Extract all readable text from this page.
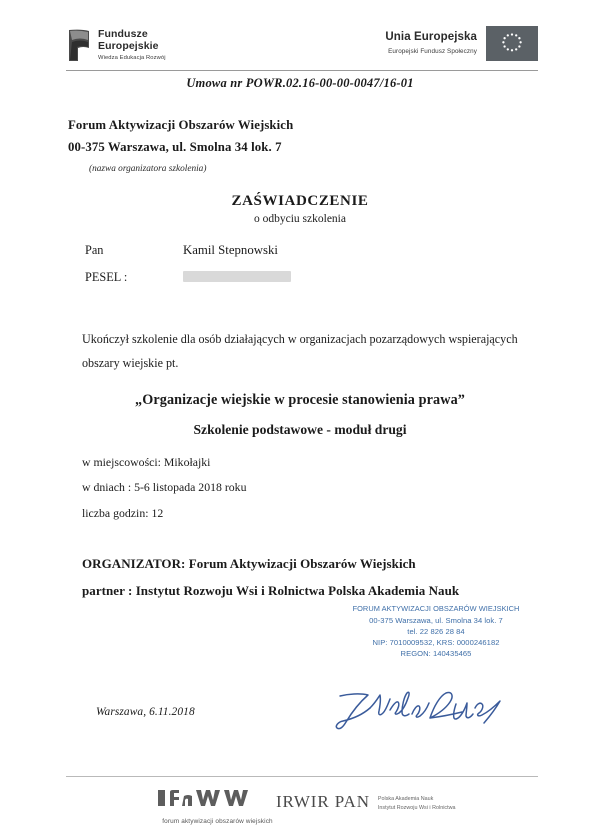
Fundusze
Europejskie
Wiedza Edukacja Rozwój
Unia Europejska
Europejski Fundusz Społeczny
Umowa nr POWR.02.16-00-00-0047/16-01
Forum Aktywizacji Obszarów Wiejskich
00-375 Warszawa, ul. Smolna 34 lok. 7
(nazwa organizatora szkolenia)
ZAŚWIADCZENIE
o odbyciu szkolenia
Pan	Kamil Stepnowski
PESEL :
Ukończył szkolenie dla osób działających w organizacjach pozarządowych wspierających obszary wiejskie pt.
„Organizacje wiejskie w procesie stanowienia prawa”
Szkolenie podstawowe - moduł drugi
w miejscowości: Mikołajki
w dniach : 5-6 listopada 2018 roku
liczba godzin: 12
ORGANIZATOR: Forum Aktywizacji Obszarów Wiejskich
partner : Instytut Rozwoju Wsi i Rolnictwa Polska Akademia Nauk
FORUM AKTYWIZACJI OBSZARÓW WIEJSKICH
00-375 Warszawa, ul. Smolna 34 lok. 7
tel. 22 826 28 84
NIP: 7010009532, KRS: 0000246182
REGON: 140435465
Warszawa, 6.11.2018
forum aktywizacji obszarów wiejskich
IRWIR PAN Polska Akademia Nauk
Instytut Rozwoju Wsi i Rolnictwa
